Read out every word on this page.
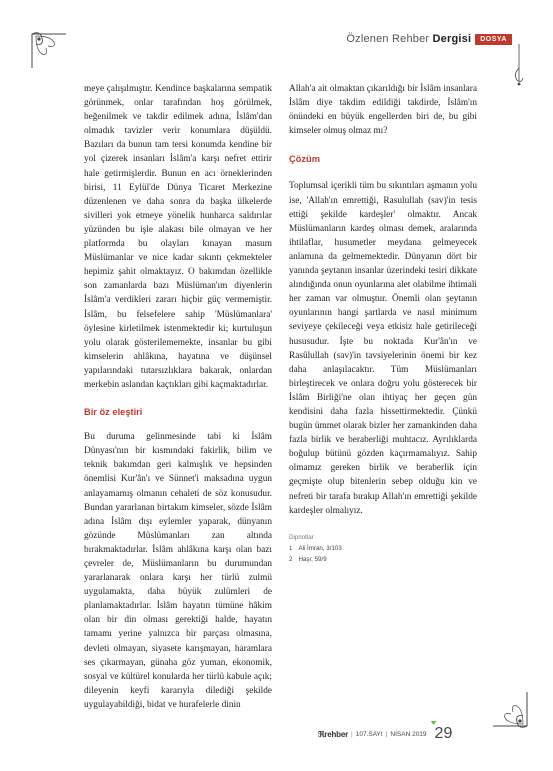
Özlenen Rehber Dergisi	DOSYA

meye çalışılmıştır. Kendince başkalarına sempatik görünmek, onlar tarafından hoş görülmek, beğenilmek ve takdir edilmek adına, İslâm'dan olmadık tavizler verir konumlara düşüldü. Bazıları da bunun tam tersi konumda kendine bir yol çizerek insanları İslâm'a karşı nefret ettirir hale getirmişlerdir. Bunun en acı örneklerinden birisi, 11 Eylül'de Dünya Ticaret Merkezine düzenlenen ve daha sonra da başka ülkelerde sivilleri yok etmeye yönelik hunharca saldırılar yüzünden bu işle alakası bile olmayan ve her platformda bu olayları kınayan masum Müslümanlar ve nice kadar sıkıntı çekmekteler hepimiz şahit olmaktayız. O bakımdan özellikle son zamanlarda bazı Müslüman'ım diyenlerin İslâm'a verdikleri zararı hiçbir güç vermemiştir. İslâm, bu felsefelere sahip 'Müslümanlara' öylesine kirletilmek istenmektedir ki; kurtuluşun yolu olarak gösterilememekte, insanlar bu gibi kimselerin ahlâkına, hayatına ve düşünsel yapılarındaki tutarsızlıklara bakarak, onlardan merkebin aslandan kaçtıkları gibi kaçmaktadırlar.

Bir öz eleştiri

Bu duruma gelinmesinde tabi ki İslâm Dünyası'nın bir kısmındaki fakirlik, bilim ve teknik bakımdan geri kalmışlık ve hepsinden önemlisi Kur'ân'ı ve Sünnet'i maksadına uygun anlayamamış olmanın cehaleti de söz konusudur. Bundan yararlanan birtakım kimseler, sözde İslâm adına İslâm dışı eylemler yaparak, dünyanın gözünde Müslümanları zan altında bırakmaktadırlar. İslâm ahlâkına karşı olan bazı çevreler de, Müslümanların bu durumundan yararlanarak onlara karşı her türlü zulmü uygulamakta, daha büyük zulümleri de planlamaktadırlar. İslâm hayatın tümüne hâkim olan bir din olması gerektiği halde, hayatın tamamı yerine yalnızca bir parçası olmasına, devleti olmayan, siyasete karışmayan, haramlara ses çıkarmayan, günaha göz yuman, ekonomik, sosyal ve kültürel konularda her türlü kabule açık; dileyenin keyfi kararıyla dilediği şekilde uygulayabildiği, bidat ve hurafelerle dinin

Allah'a ait olmaktan çıkarıldığı bir İslâm insanlara İslâm diye takdim edildiği takdirde, İslâm'ın önündeki en büyük engellerden biri de, bu gibi kimseler olmuş olmaz mı?

Çözüm

Toplumsal içerikli tüm bu sıkıntıları aşmanın yolu ise, 'Allah'ın emrettiği, Rasulullah (sav)'in tesis ettiği şekilde kardeşler' olmaktır. Ancak Müslümanların kardeş olması demek, aralarında ihtilaflar, husumetler meydana gelmeyecek anlamına da gelmemektedir. Dünyanın dört bir yanında şeytanın insanlar üzerindeki tesiri dikkate alındığında onun oyunlarına alet olabilme ihtimali her zaman var olmuştur. Önemli olan şeytanın oyunlarının hangi şartlarda ve nasıl minimum seviyeye çekileceği veya etkisiz hale getirileceği hususudur. İşte bu noktada Kur'ân'ın ve Rasûlullah (sav)'in tavsiyelerinin önemi bir kez daha anlaşılacaktır. Tüm Müslümanları birleştirecek ve onlara doğru yolu gösterecek bir İslâm Birliği'ne olan ihtiyaç her geçen gün kendisini daha fazla hissettirmektedir. Çünkü bugün ümmet olarak bizler her zamankinden daha fazla birlik ve beraberliği muhtacız. Ayrılıklarda boğulup bütünü gözden kaçırmamalıyız. Sahip olmamız gereken birlik ve beraberlik için geçmişte olup bitenlerin sebep olduğu kin ve nefreti bir tarafa bırakıp Allah'ın emrettiği şekilde kardeşler olmalıyız.

Dipnotlar
1 Ali İmran, 3/103
2 Haşr, 59/9
ℜrehber | 107.SAYI | NİSAN 2019 29
